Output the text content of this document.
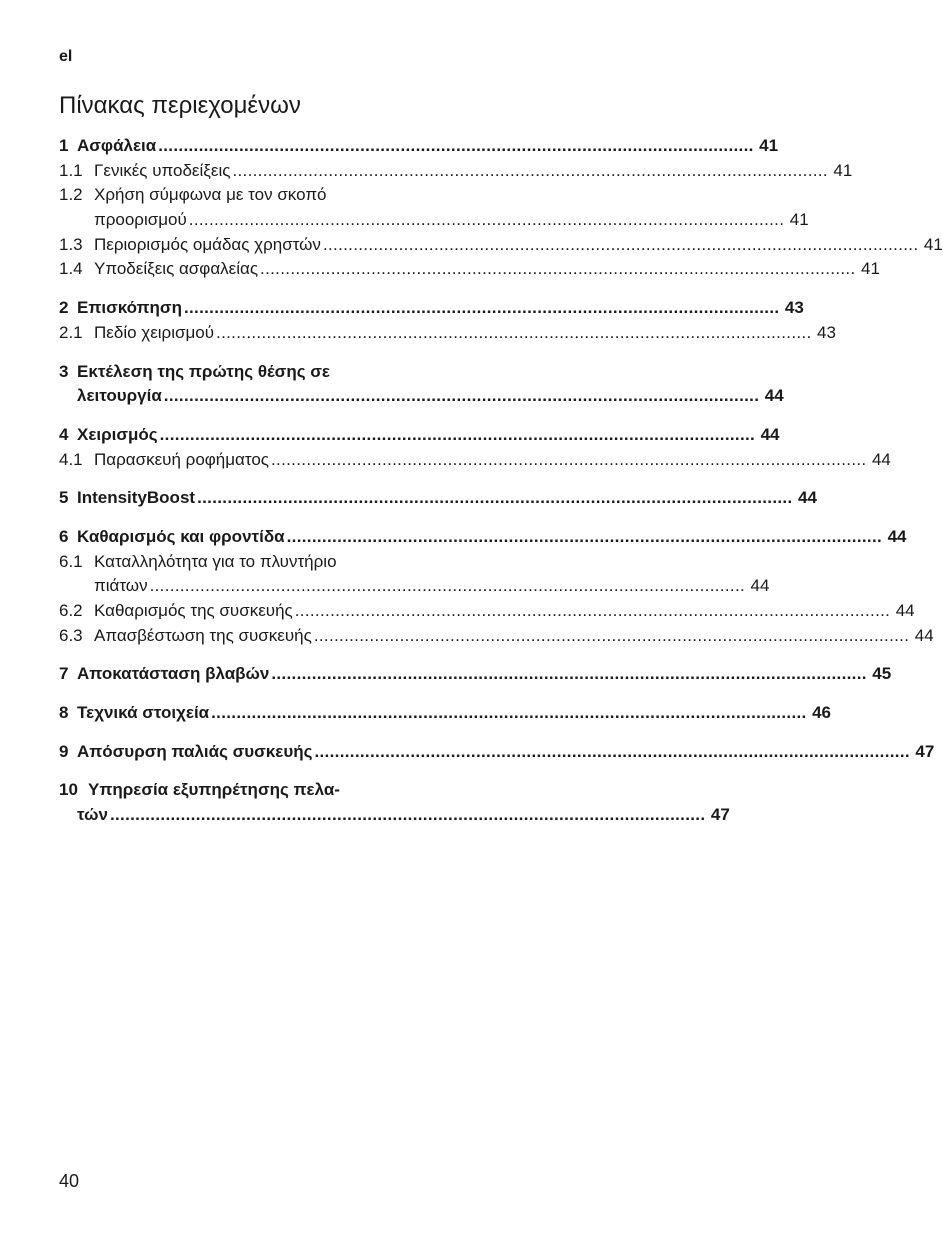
el
Πίνακας περιεχομένων
1 Ασφάλεια . . .	41
1.1 Γενικές υποδείξεις . . .	41
1.2 Χρήση σύμφωνα με τον σκοπό
προορισμού . . .	41
1.3 Περιορισμός ομάδας χρηστών . . .	41
1.4 Υποδείξεις ασφαλείας . . .	41
2 Επισκόπηση . . .	43
2.1 Πεδίο χειρισμού . . .	43
3 Εκτέλεση της πρώτης θέσης σε
λειτουργία . . .	44
4 Χειρισμός . . .	44
4.1 Παρασκευή ροφήματος . . .	44
5 IntensityBoost . . .	44
6 Καθαρισμός και φροντίδα . . .	44
6.1 Καταλληλότητα για το πλυντήριο
πιάτων . . .	44
6.2 Καθαρισμός της συσκευής . . .	44
6.3 Απασβέστωση της συσκευής . . .	44
7 Αποκατάσταση βλαβών . . .	45
8 Τεχνικά στοιχεία . . .	46
9 Απόσυρση παλιάς συσκευής . . .	47
10 Υπηρεσία εξυπηρέτησης πελα-
τών . . .	47
40
